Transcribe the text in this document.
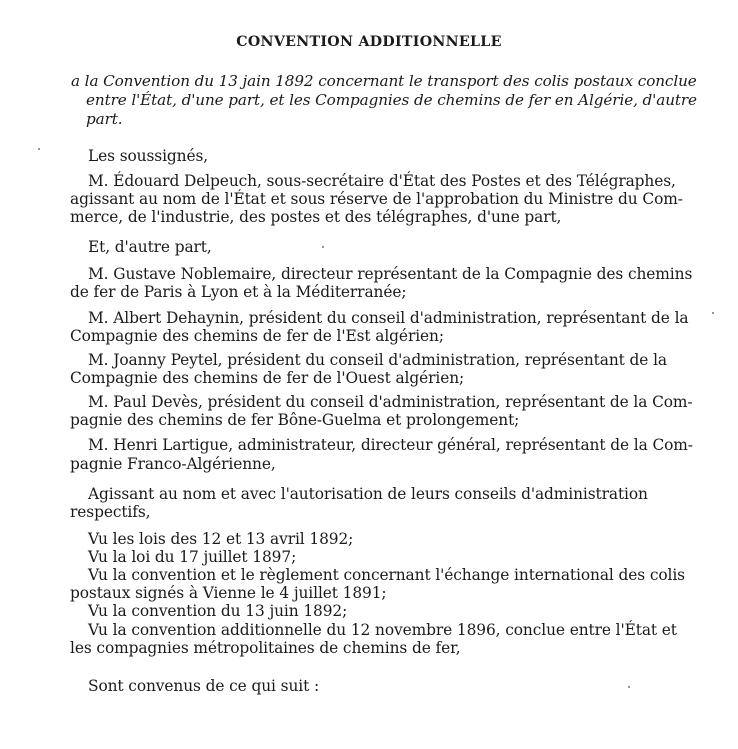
CONVENTION ADDITIONNELLE

a la Convention du 13 jain 1892 concernant le transport des colis postaux conclue

entre l'État, d'une part, et les Compagnies de chemins de fer en Algérie, d'autre

part.

Les soussignés,

M. Édouard Delpeuch, sous-secrétaire d'État des Postes et des Télégraphes,

agissant au nom de l'État et sous réserve de l'approbation du Ministre du Com-

merce, de l'industrie, des postes et des télégraphes, d'une part,

Et, d'autre part,

M. Gustave Noblemaire, directeur représentant de la Compagnie des chemins

de fer de Paris à Lyon et à la Méditerranée;

M. Albert Dehaynin, président du conseil d'administration, représentant de la

Compagnie des chemins de fer de l'Est algérien;

M. Joanny Peytel, président du conseil d'administration, représentant de la

Compagnie des chemins de fer de l'Ouest algérien;

M. Paul Devès, président du conseil d'administration, représentant de la Com-

pagnie des chemins de fer Bône-Guelma et prolongement;

M. Henri Lartigue, administrateur, directeur général, représentant de la Com-

pagnie Franco-Algérienne,

Agissant au nom et avec l'autorisation de leurs conseils d'administration

respectifs,

Vu les lois des 12 et 13 avril 1892;

Vu la loi du 17 juillet 1897;

Vu la convention et le règlement concernant l'échange international des colis

postaux signés à Vienne le 4 juillet 1891;

Vu la convention du 13 juin 1892;

Vu la convention additionnelle du 12 novembre 1896, conclue entre l'État et

les compagnies métropolitaines de chemins de fer,

Sont convenus de ce qui suit :
